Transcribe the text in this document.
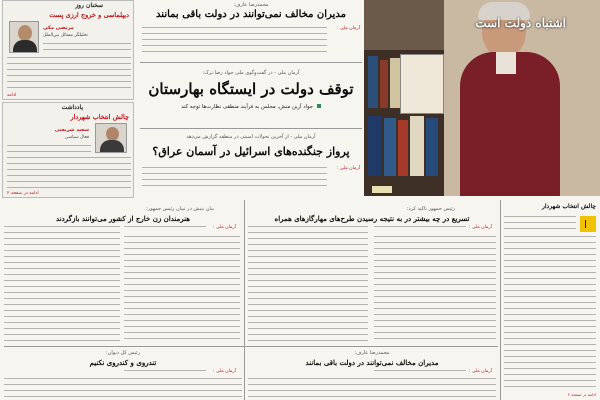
سخنان روز
دیپلماسی و خروج ارزی پست
مرتضی مکی
تحلیلگر مسائل بین‌الملل
ادامه
یادداشت
چالش انتخاب شهردار
سعید شریعتی
فعال سیاسی
ادامه در صفحه ۲
محمدرضا عارف:
مدیران مخالف نمی‌توانند در دولت باقی بمانند
آرمان ملی :
آرمان ملی - در گفت‌وگوی ملی جواد رضا ترک:
توقف دولت در ایستگاه بهارستان
جواد آرین منش، مجلس به فرآیند منطقی نظارت‌ها توجه کند
آرمان ملی - از آخرین تحولات امنیتی در منطقه گزارش می‌دهد
پرواز جنگنده‌های اسرائیل در آسمان عراق؟
آرمان ملی :
اشتباه دولت است
چالش انتخاب شهردار
ادامه در صفحه ۲
رئیس جمهور تاکید کرد:
تسریع در چه بیشتر در به نتیجه رسیدن طرح‌های مهارگازهای همراه
آرمان ملی :
بیان بنیش در تبیان رئیس جمهور:
هنرمندان زن خارج از کشور می‌توانند بازگردند
آرمان ملی :
محمدرضا عارف:
مدیران مخالف نمی‌توانند در دولت باقی بمانند
آرمان ملی :
رئیس کل دیوان:
تندروی و کندروی نکنیم
آرمان ملی :
